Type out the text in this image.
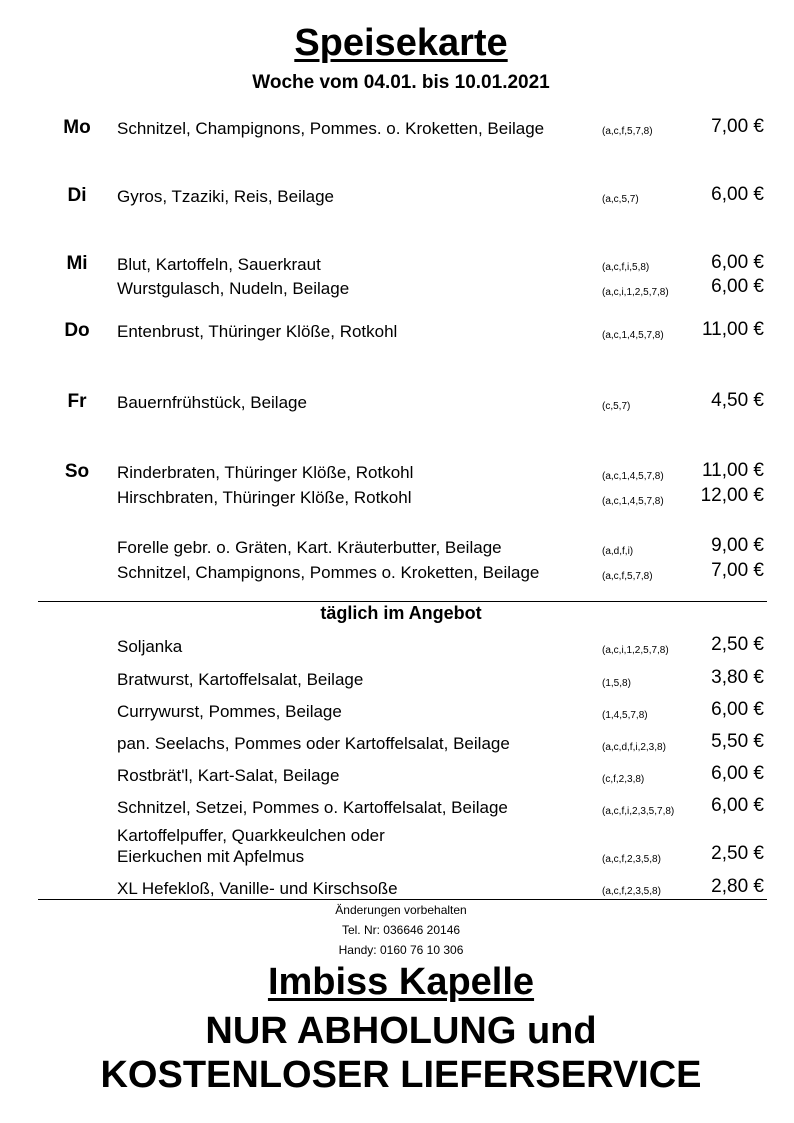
Speisekarte
Woche vom 04.01. bis 10.01.2021
Mo	Schnitzel, Champignons, Pommes. o. Kroketten, Beilage	(a,c,f,5,7,8)	7,00 €
Di	Gyros, Tzaziki, Reis, Beilage	(a,c,5,7)	6,00 €
Mi	Blut, Kartoffeln, Sauerkraut	(a,c,f,i,5,8)	6,00 €
Wurstgulasch, Nudeln, Beilage	(a,c,i,1,2,5,7,8) 6,00 €
Do	Entenbrust, Thüringer Klöße, Rotkohl	(a,c,1,4,5,7,8) 11,00 €
Fr	Bauernfrühstück, Beilage	(c,5,7)	4,50 €
So	Rinderbraten, Thüringer Klöße, Rotkohl	(a,c,1,4,5,7,8) 11,00 €
Hirschbraten, Thüringer Klöße, Rotkohl	(a,c,1,4,5,7,8) 12,00 €
Forelle gebr. o. Gräten, Kart. Kräuterbutter, Beilage	(a,d,f,i)	9,00 €
Schnitzel, Champignons, Pommes o. Kroketten, Beilage	(a,c,f,5,7,8)	7,00 €
täglich im Angebot
Soljanka	(a,c,i,1,2,5,7,8) 2,50 €
Bratwurst, Kartoffelsalat, Beilage	(1,5,8)	3,80 €
Currywurst, Pommes, Beilage	(1,4,5,7,8)	6,00 €
pan. Seelachs, Pommes oder Kartoffelsalat, Beilage	(a,c,d,f,i,2,3,8) 5,50 €
Rostbrät'l, Kart-Salat, Beilage	(c,f,2,3,8)	6,00 €
Schnitzel, Setzei, Pommes o. Kartoffelsalat, Beilage	(a,c,f,i,2,3,5,7,8) 6,00 €
Kartoffelpuffer, Quarkkeulchen oder
Eierkuchen mit Apfelmus	(a,c,f,2,3,5,8)	2,50 €
XL Hefekloß, Vanille- und Kirschsoße	(a,c,f,2,3,5,8)	2,80 €
Änderungen vorbehalten
Tel. Nr: 036646 20146
Handy: 0160 76 10 306
Imbiss Kapelle
NUR ABHOLUNG und
KOSTENLOSER LIEFERSERVICE
